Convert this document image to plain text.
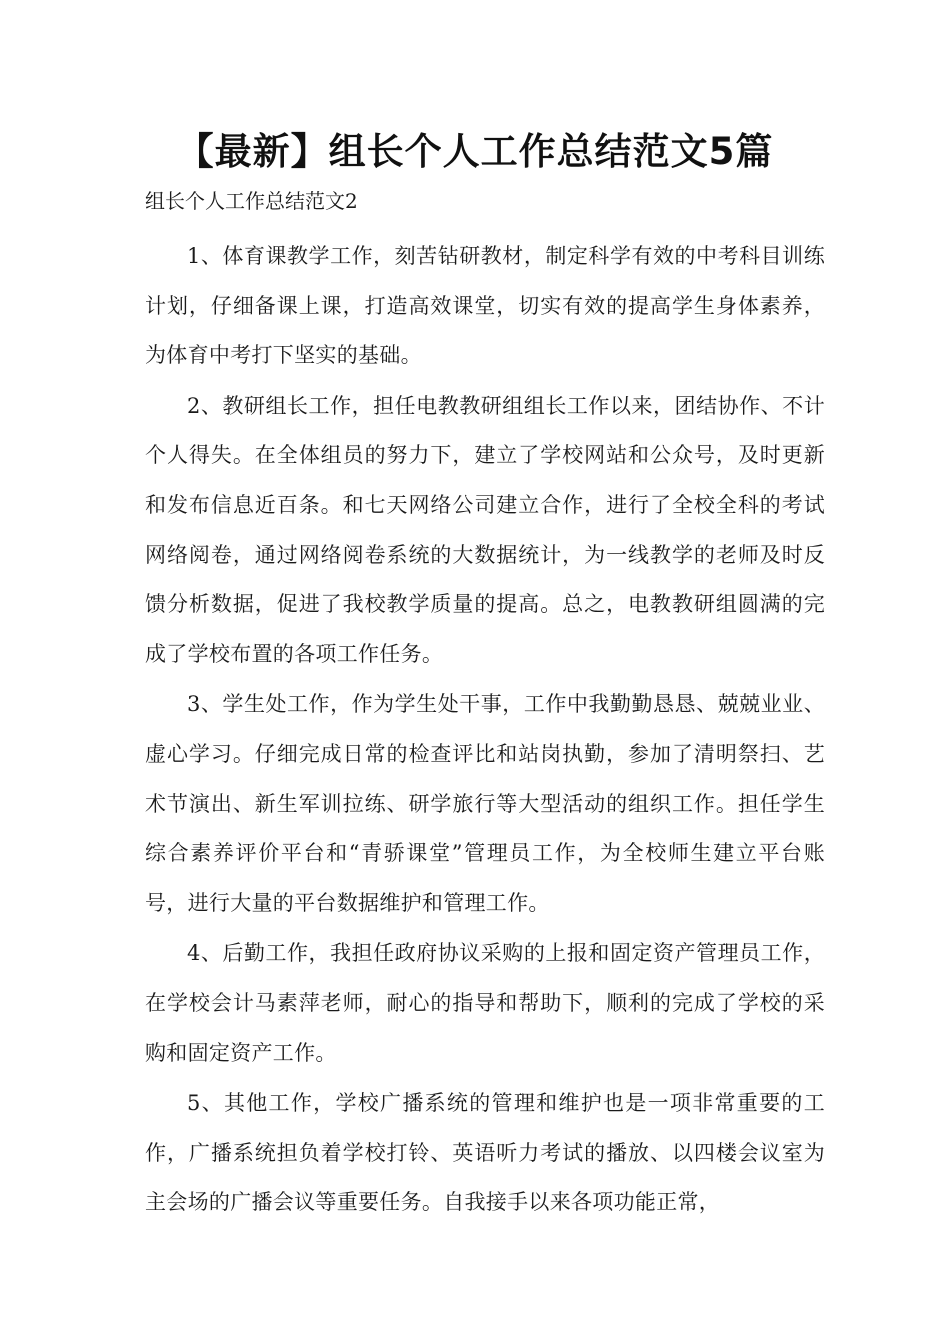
【最新】组长个人工作总结范文5篇

组长个人工作总结范文2

1、体育课教学工作，刻苦钻研教材，制定科学有效的中考科目训练计划，仔细备课上课，打造高效课堂，切实有效的提高学生身体素养，为体育中考打下坚实的基础。

2、教研组长工作，担任电教教研组组长工作以来，团结协作、不计个人得失。在全体组员的努力下，建立了学校网站和公众号，及时更新和发布信息近百条。和七天网络公司建立合作，进行了全校全科的考试网络阅卷，通过网络阅卷系统的大数据统计，为一线教学的老师及时反馈分析数据，促进了我校教学质量的提高。总之，电教教研组圆满的完成了学校布置的各项工作任务。

3、学生处工作，作为学生处干事，工作中我勤勤恳恳、兢兢业业、虚心学习。仔细完成日常的检查评比和站岗执勤，参加了清明祭扫、艺术节演出、新生军训拉练、研学旅行等大型活动的组织工作。担任学生综合素养评价平台和“青骄课堂”管理员工作，为全校师生建立平台账号，进行大量的平台数据维护和管理工作。

4、后勤工作，我担任政府协议采购的上报和固定资产管理员工作，在学校会计马素萍老师，耐心的指导和帮助下，顺利的完成了学校的采购和固定资产工作。

5、其他工作，学校广播系统的管理和维护也是一项非常重要的工作，广播系统担负着学校打铃、英语听力考试的播放、以四楼会议室为主会场的广播会议等重要任务。自我接手以来各项功能正常，
